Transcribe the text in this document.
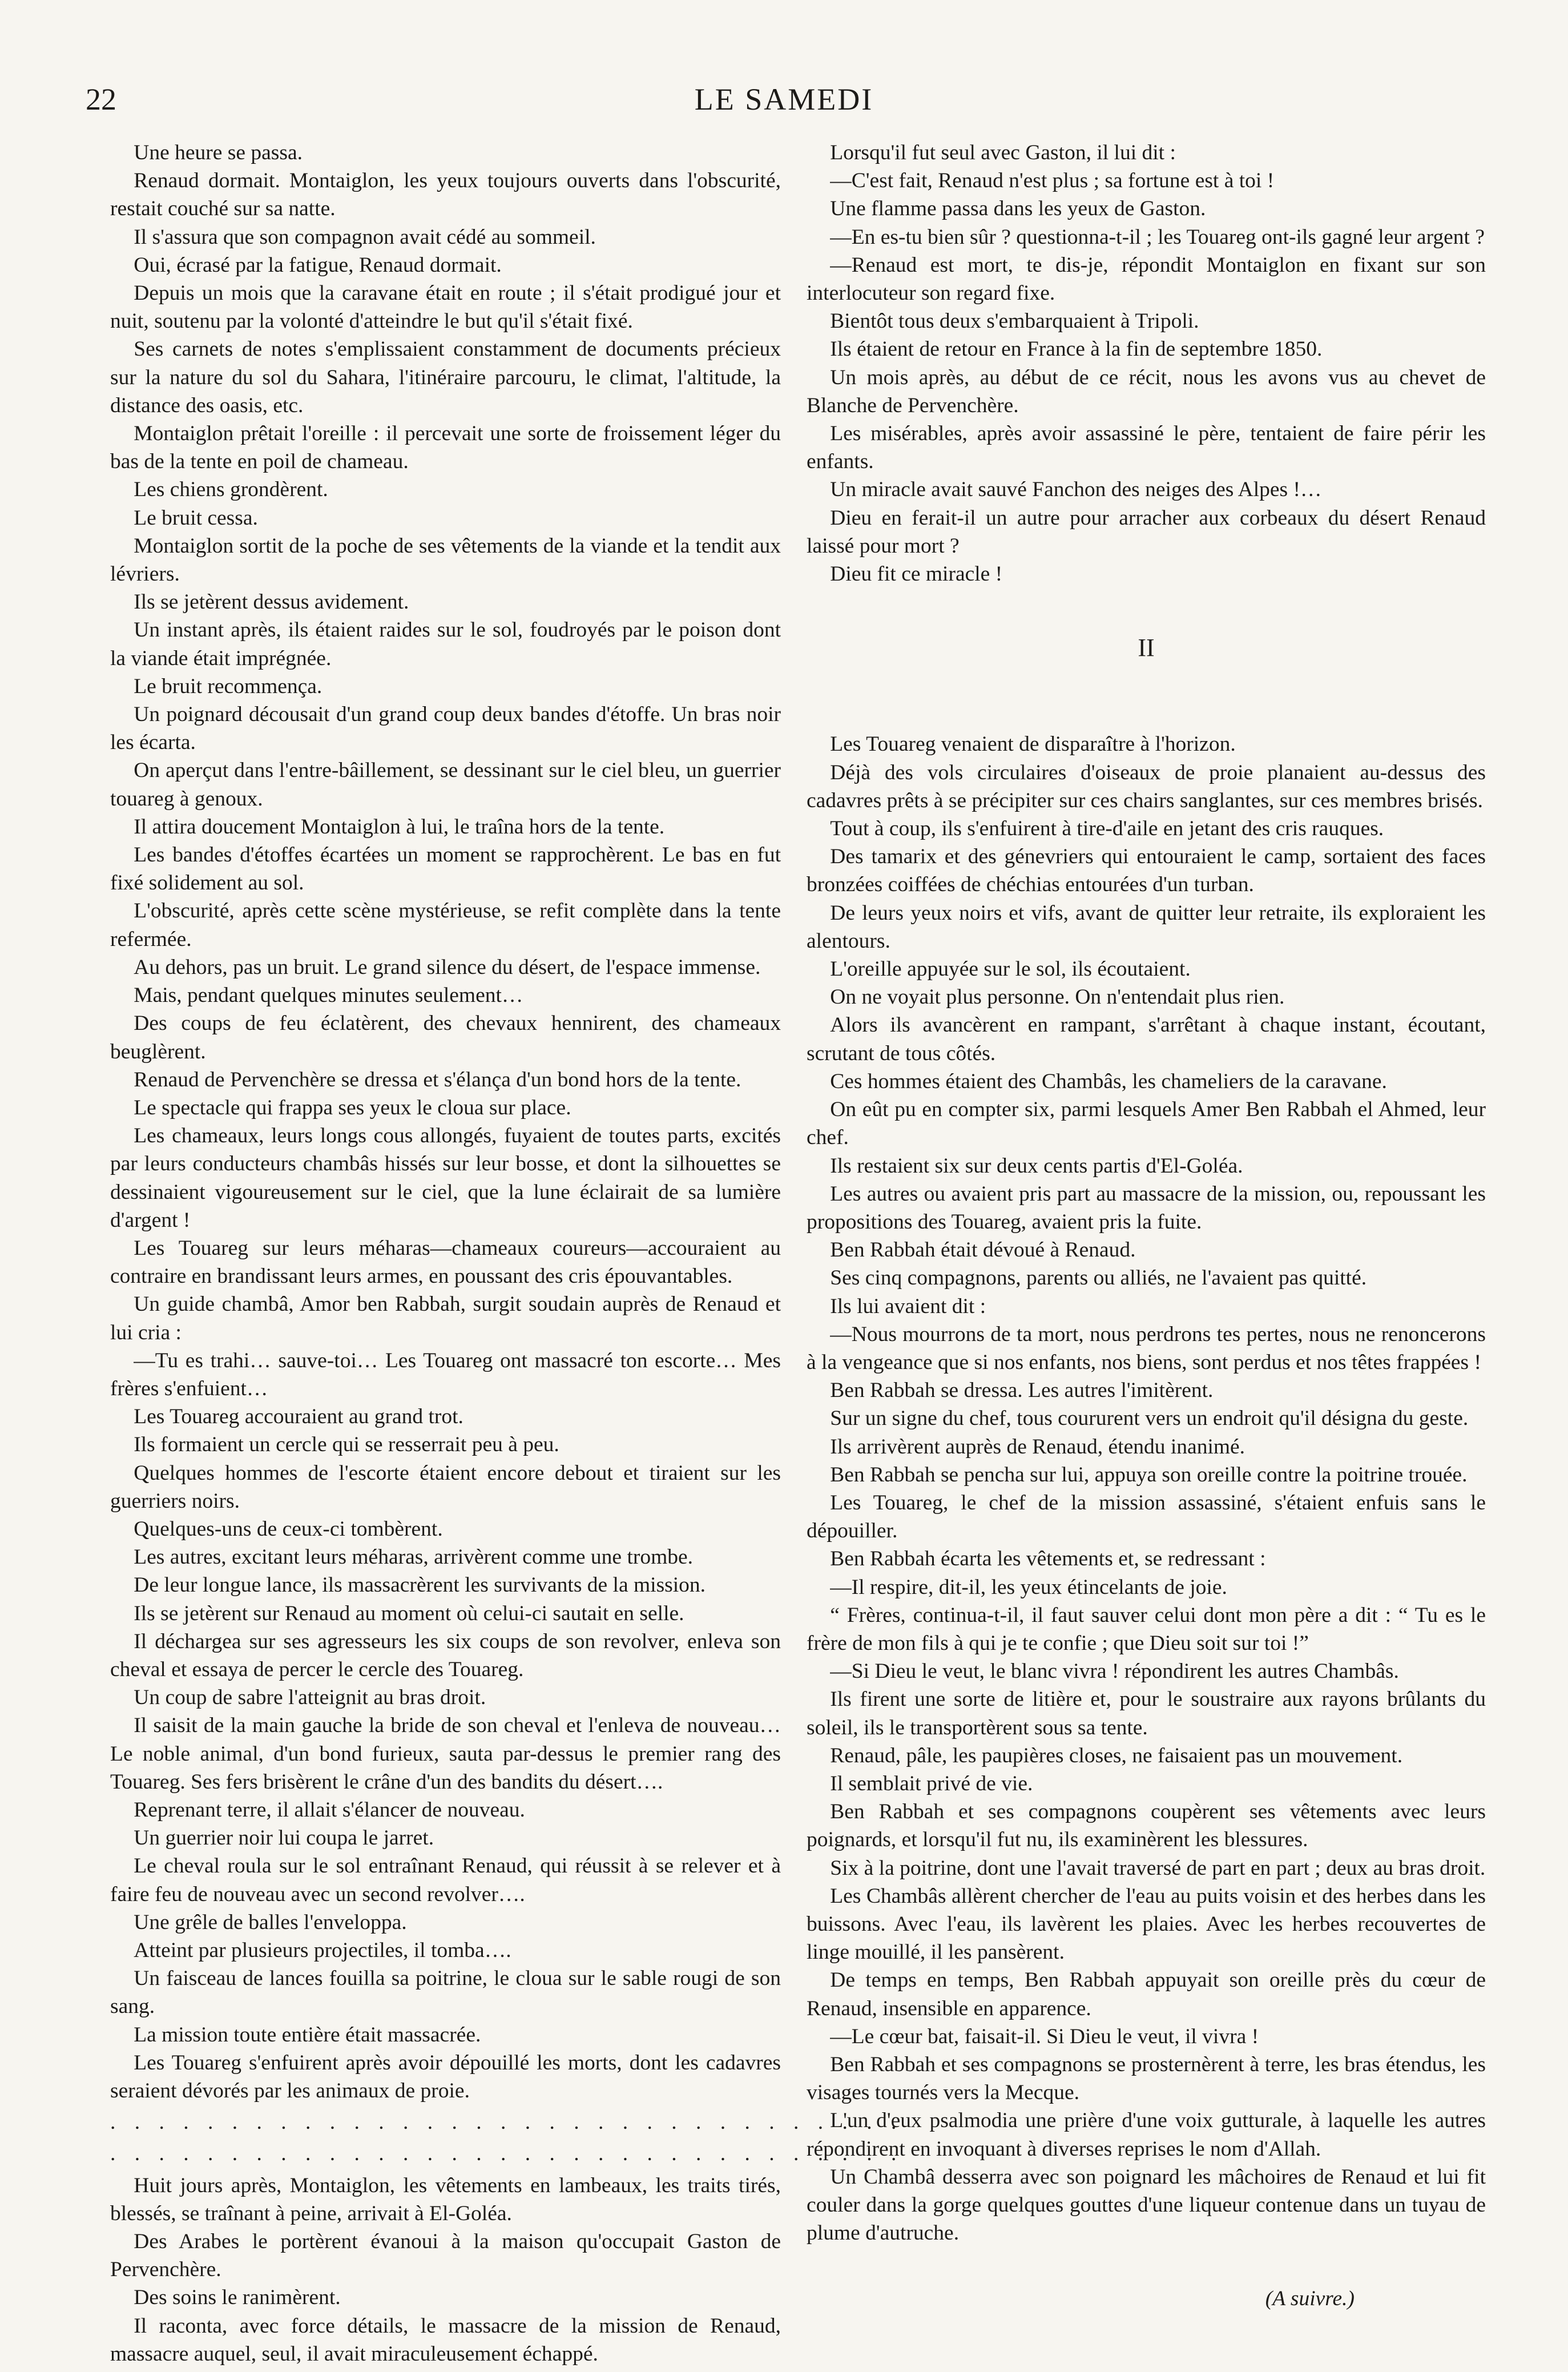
22	LE SAMEDI

Une heure se passa.

Renaud dormait. Montaiglon, les yeux toujours ouverts dans l'obscurité, restait couché sur sa natte.

Il s'assura que son compagnon avait cédé au sommeil.

Oui, écrasé par la fatigue, Renaud dormait.

Depuis un mois que la caravane était en route ; il s'était prodigué jour et nuit, soutenu par la volonté d'atteindre le but qu'il s'était fixé.

Ses carnets de notes s'emplissaient constamment de documents précieux sur la nature du sol du Sahara, l'itinéraire parcouru, le climat, l'altitude, la distance des oasis, etc.

Montaiglon prêtait l'oreille : il percevait une sorte de froissement léger du bas de la tente en poil de chameau.

Les chiens grondèrent.

Le bruit cessa.

Montaiglon sortit de la poche de ses vêtements de la viande et la tendit aux lévriers.

Ils se jetèrent dessus avidement.

Un instant après, ils étaient raides sur le sol, foudroyés par le poison dont la viande était imprégnée.

Le bruit recommença.

Un poignard décousait d'un grand coup deux bandes d'étoffe. Un bras noir les écarta.

On aperçut dans l'entre-bâillement, se dessinant sur le ciel bleu, un guerrier touareg à genoux.

Il attira doucement Montaiglon à lui, le traîna hors de la tente.

Les bandes d'étoffes écartées un moment se rapprochèrent. Le bas en fut fixé solidement au sol.

L'obscurité, après cette scène mystérieuse, se refit complète dans la tente refermée.

Au dehors, pas un bruit. Le grand silence du désert, de l'espace immense.

Mais, pendant quelques minutes seulement…

Des coups de feu éclatèrent, des chevaux hennirent, des chameaux beuglèrent.

Renaud de Pervenchère se dressa et s'élança d'un bond hors de la tente.

Le spectacle qui frappa ses yeux le cloua sur place.

Les chameaux, leurs longs cous allongés, fuyaient de toutes parts, excités par leurs conducteurs chambâs hissés sur leur bosse, et dont la silhouettes se dessinaient vigoureusement sur le ciel, que la lune éclairait de sa lumière d'argent !

Les Touareg sur leurs méharas—chameaux coureurs—accouraient au contraire en brandissant leurs armes, en poussant des cris épouvantables.

Un guide chambâ, Amor ben Rabbah, surgit soudain auprès de Renaud et lui cria :

—Tu es trahi… sauve-toi… Les Touareg ont massacré ton escorte… Mes frères s'enfuient…

Les Touareg accouraient au grand trot.

Ils formaient un cercle qui se resserrait peu à peu.

Quelques hommes de l'escorte étaient encore debout et tiraient sur les guerriers noirs.

Quelques-uns de ceux-ci tombèrent.

Les autres, excitant leurs méharas, arrivèrent comme une trombe.

De leur longue lance, ils massacrèrent les survivants de la mission.

Ils se jetèrent sur Renaud au moment où celui-ci sautait en selle.

Il déchargea sur ses agresseurs les six coups de son revolver, enleva son cheval et essaya de percer le cercle des Touareg.

Un coup de sabre l'atteignit au bras droit.

Il saisit de la main gauche la bride de son cheval et l'enleva de nouveau… Le noble animal, d'un bond furieux, sauta par-dessus le premier rang des Touareg. Ses fers brisèrent le crâne d'un des bandits du désert….

Reprenant terre, il allait s'élancer de nouveau.

Un guerrier noir lui coupa le jarret.

Le cheval roula sur le sol entraînant Renaud, qui réussit à se relever et à faire feu de nouveau avec un second revolver….

Une grêle de balles l'enveloppa.

Atteint par plusieurs projectiles, il tomba….

Un faisceau de lances fouilla sa poitrine, le cloua sur le sable rougi de son sang.

La mission toute entière était massacrée.

Les Touareg s'enfuirent après avoir dépouillé les morts, dont les cadavres seraient dévorés par les animaux de proie.

. . . . . . . . . . . . . . . . . . . . . . . . . . . . . . . . .
. . . . . . . . . . . . . . . . . . . . . . . . . . . . . . . . .

Huit jours après, Montaiglon, les vêtements en lambeaux, les traits tirés, blessés, se traînant à peine, arrivait à El-Goléa.

Des Arabes le portèrent évanoui à la maison qu'occupait Gaston de Pervenchère.

Des soins le ranimèrent.

Il raconta, avec force détails, le massacre de la mission de Renaud, massacre auquel, seul, il avait miraculeusement échappé.

Lorsqu'il fut seul avec Gaston, il lui dit :

—C'est fait, Renaud n'est plus ; sa fortune est à toi !

Une flamme passa dans les yeux de Gaston.

—En es-tu bien sûr ? questionna-t-il ; les Touareg ont-ils gagné leur argent ?

—Renaud est mort, te dis-je, répondit Montaiglon en fixant sur son interlocuteur son regard fixe.

Bientôt tous deux s'embarquaient à Tripoli.

Ils étaient de retour en France à la fin de septembre 1850.

Un mois après, au début de ce récit, nous les avons vus au chevet de Blanche de Pervenchère.

Les misérables, après avoir assassiné le père, tentaient de faire périr les enfants.

Un miracle avait sauvé Fanchon des neiges des Alpes !…

Dieu en ferait-il un autre pour arracher aux corbeaux du désert Renaud laissé pour mort ?

Dieu fit ce miracle !

II

Les Touareg venaient de disparaître à l'horizon.

Déjà des vols circulaires d'oiseaux de proie planaient au-dessus des cadavres prêts à se précipiter sur ces chairs sanglantes, sur ces membres brisés.

Tout à coup, ils s'enfuirent à tire-d'aile en jetant des cris rauques.

Des tamarix et des génevriers qui entouraient le camp, sortaient des faces bronzées coiffées de chéchias entourées d'un turban.

De leurs yeux noirs et vifs, avant de quitter leur retraite, ils exploraient les alentours.

L'oreille appuyée sur le sol, ils écoutaient.

On ne voyait plus personne. On n'entendait plus rien.

Alors ils avancèrent en rampant, s'arrêtant à chaque instant, écoutant, scrutant de tous côtés.

Ces hommes étaient des Chambâs, les chameliers de la caravane.

On eût pu en compter six, parmi lesquels Amer Ben Rabbah el Ahmed, leur chef.

Ils restaient six sur deux cents partis d'El-Goléa.

Les autres ou avaient pris part au massacre de la mission, ou, repoussant les propositions des Touareg, avaient pris la fuite.

Ben Rabbah était dévoué à Renaud.

Ses cinq compagnons, parents ou alliés, ne l'avaient pas quitté.

Ils lui avaient dit :

—Nous mourrons de ta mort, nous perdrons tes pertes, nous ne renoncerons à la vengeance que si nos enfants, nos biens, sont perdus et nos têtes frappées !

Ben Rabbah se dressa. Les autres l'imitèrent.

Sur un signe du chef, tous coururent vers un endroit qu'il désigna du geste.

Ils arrivèrent auprès de Renaud, étendu inanimé.

Ben Rabbah se pencha sur lui, appuya son oreille contre la poitrine trouée.

Les Touareg, le chef de la mission assassiné, s'étaient enfuis sans le dépouiller.

Ben Rabbah écarta les vêtements et, se redressant :

—Il respire, dit-il, les yeux étincelants de joie.

“ Frères, continua-t-il, il faut sauver celui dont mon père a dit : “ Tu es le frère de mon fils à qui je te confie ; que Dieu soit sur toi !”

—Si Dieu le veut, le blanc vivra ! répondirent les autres Chambâs.

Ils firent une sorte de litière et, pour le soustraire aux rayons brûlants du soleil, ils le transportèrent sous sa tente.

Renaud, pâle, les paupières closes, ne faisaient pas un mouvement.

Il semblait privé de vie.

Ben Rabbah et ses compagnons coupèrent ses vêtements avec leurs poignards, et lorsqu'il fut nu, ils examinèrent les blessures.

Six à la poitrine, dont une l'avait traversé de part en part ; deux au bras droit.

Les Chambâs allèrent chercher de l'eau au puits voisin et des herbes dans les buissons. Avec l'eau, ils lavèrent les plaies. Avec les herbes recouvertes de linge mouillé, il les pansèrent.

De temps en temps, Ben Rabbah appuyait son oreille près du cœur de Renaud, insensible en apparence.

—Le cœur bat, faisait-il. Si Dieu le veut, il vivra !

Ben Rabbah et ses compagnons se prosternèrent à terre, les bras étendus, les visages tournés vers la Mecque.

L'un d'eux psalmodia une prière d'une voix gutturale, à laquelle les autres répondirent en invoquant à diverses reprises le nom d'Allah.

Un Chambâ desserra avec son poignard les mâchoires de Renaud et lui fit couler dans la gorge quelques gouttes d'une liqueur contenue dans un tuyau de plume d'autruche.

(A suivre.)
